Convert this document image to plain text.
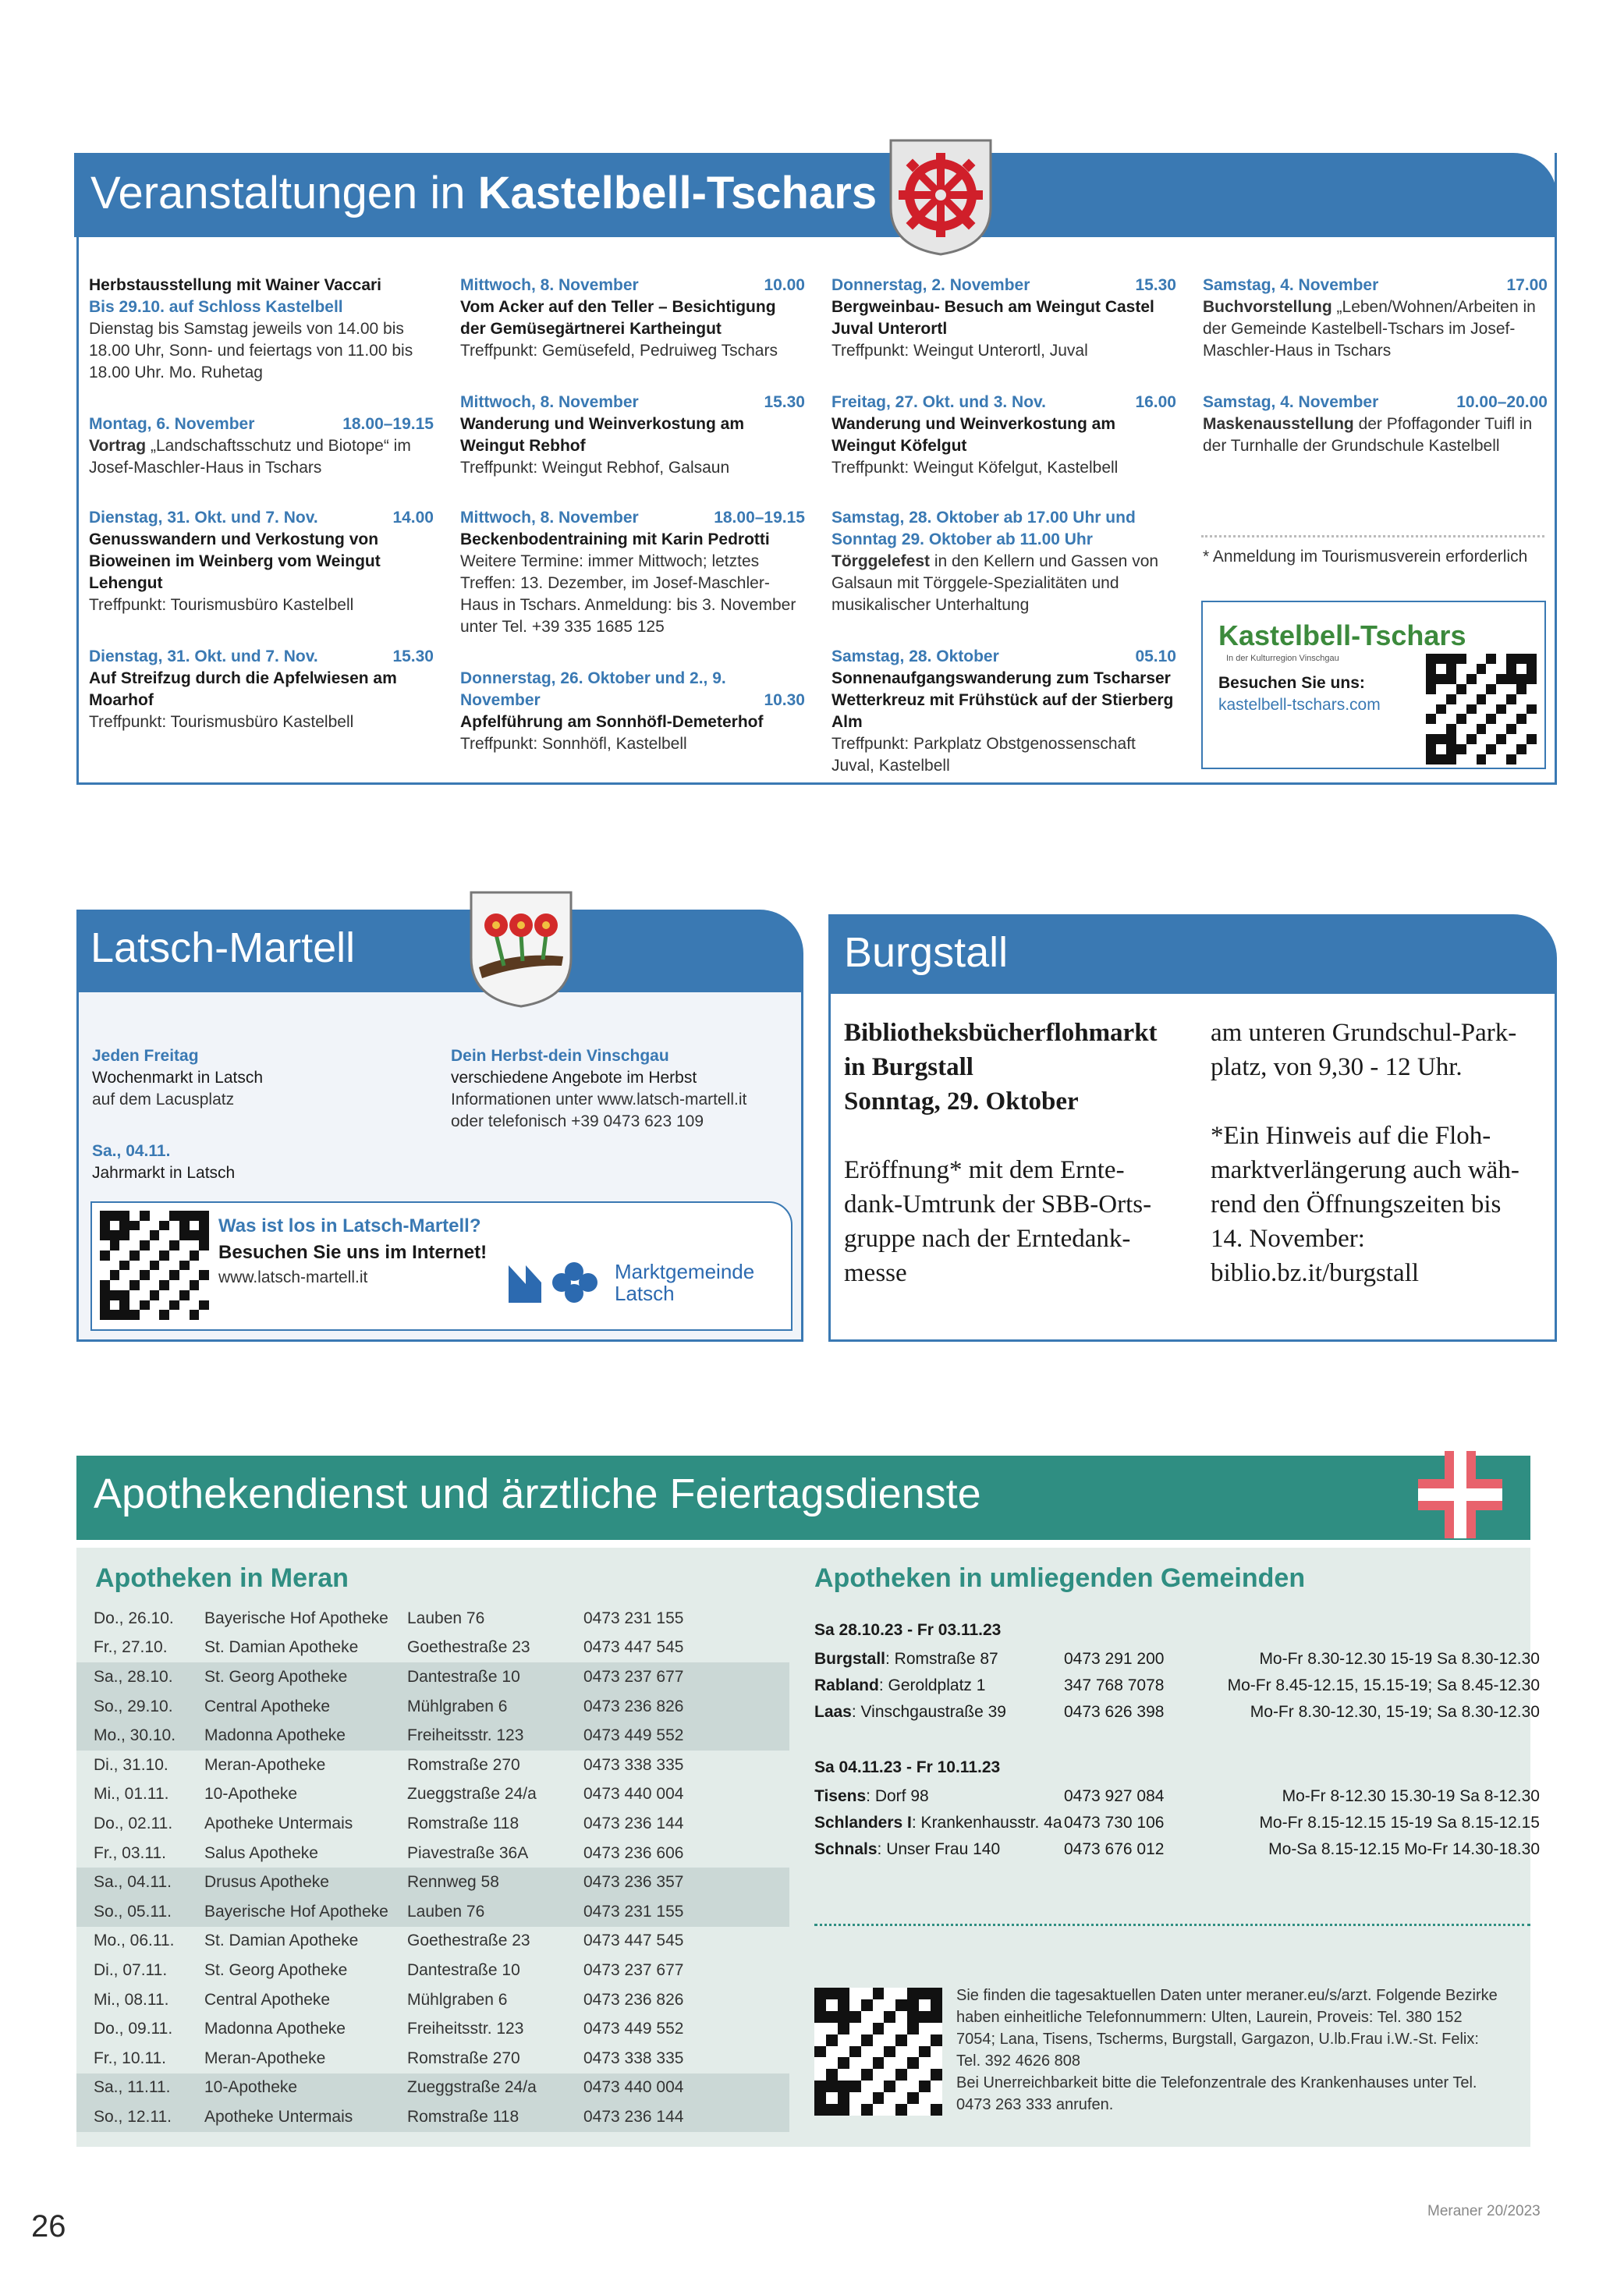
Veranstaltungen in Kastelbell-Tschars
Herbstausstellung mit Wainer Vaccari
Bis 29.10. auf Schloss Kastelbell
Dienstag bis Samstag jeweils von 14.00 bis 18.00 Uhr, Sonn- und feiertags von 11.00 bis 18.00 Uhr. Mo. Ruhetag
Montag, 6. November	18.00–19.15
Vortrag „Landschaftsschutz und Biotope“ im Josef-Maschler-Haus in Tschars
Dienstag, 31. Okt. und 7. Nov.	14.00
Genusswandern und Verkostung von Bioweinen im Weinberg vom Weingut Lehengut
Treffpunkt: Tourismusbüro Kastelbell
Dienstag, 31. Okt. und 7. Nov.	15.30
Auf Streifzug durch die Apfelwiesen am Moarhof
Treffpunkt: Tourismusbüro Kastelbell
Mittwoch, 8. November	10.00
Vom Acker auf den Teller – Besichtigung der Gemüsegärtnerei Kartheingut
Treffpunkt: Gemüsefeld, Pedruiweg Tschars
Mittwoch, 8. November	15.30
Wanderung und Weinverkostung am Weingut Rebhof
Treffpunkt: Weingut Rebhof, Galsaun
Mittwoch, 8. November	18.00–19.15
Beckenbodentraining mit Karin Pedrotti
Weitere Termine: immer Mittwoch; letztes Treffen: 13. Dezember, im Josef-Maschler-Haus in Tschars. Anmeldung: bis 3. November unter Tel. +39 335 1685 125
Donnerstag, 26. Oktober und 2., 9. November	10.30
Apfelführung am Sonnhöfl-Demeterhof
Treffpunkt: Sonnhöfl, Kastelbell
Donnerstag, 2. November	15.30
Bergweinbau- Besuch am Weingut Castel Juval Unterortl
Treffpunkt: Weingut Unterortl, Juval
Freitag, 27. Okt. und 3. Nov.	16.00
Wanderung und Weinverkostung am Weingut Köfelgut
Treffpunkt: Weingut Köfelgut, Kastelbell
Samstag, 28. Oktober ab 17.00 Uhr und Sonntag 29. Oktober ab 11.00 Uhr
Törggelefest in den Kellern und Gassen von Galsaun mit Törggele-Spezialitäten und musikalischer Unterhaltung
Samstag, 28. Oktober	05.10
Sonnenaufgangswanderung zum Tscharser Wetterkreuz mit Frühstück auf der Stierberg Alm
Treffpunkt: Parkplatz Obstgenossenschaft Juval, Kastelbell
Samstag, 4. November	17.00
Buchvorstellung „Leben/Wohnen/Arbeiten in der Gemeinde Kastelbell-Tschars im Josef-Maschler-Haus in Tschars
Samstag, 4. November	10.00–20.00
Maskenausstellung der Pfoffagonder Tuifl in der Turnhalle der Grundschule Kastelbell
* Anmeldung im Tourismusverein erforderlich
Kastelbell-Tschars
In der Kulturregion Vinschgau
Besuchen Sie uns:
kastelbell-tschars.com
Latsch-Martell
Jeden Freitag
Wochenmarkt in Latsch
auf dem Lacusplatz
Sa., 04.11.
Jahrmarkt in Latsch
Dein Herbst-dein Vinschgau
verschiedene Angebote im Herbst
Informationen unter www.latsch-martell.it
oder telefonisch +39 0473 623 109
Was ist los in Latsch-Martell?
Besuchen Sie uns im Internet!
www.latsch-martell.it	Marktgemeinde
Latsch
Burgstall
Bibliotheksbücherflohmarkt
in Burgstall
Sonntag, 29. Oktober
Eröffnung* mit dem Ernte-
dank-Umtrunk der SBB-Orts-
gruppe nach der Erntedank-
messe
am unteren Grundschul-Park-
platz, von 9,30 - 12 Uhr.
*Ein Hinweis auf die Floh-
marktverlängerung auch wäh-
rend den Öffnungszeiten bis
14. November:
biblio.bz.it/burgstall
Apothekendienst und ärztliche Feiertagsdienste
Apotheken in Meran
Do., 26.10.	Bayerische Hof Apotheke	Lauben 76	0473 231 155
Fr., 27.10.	St. Damian Apotheke	Goethestraße 23	0473 447 545
Sa., 28.10.	St. Georg Apotheke	Dantestraße 10	0473 237 677
So., 29.10.	Central Apotheke	Mühlgraben 6	0473 236 826
Mo., 30.10.	Madonna Apotheke	Freiheitsstr. 123	0473 449 552
Di., 31.10.	Meran-Apotheke	Romstraße 270	0473 338 335
Mi., 01.11.	10-Apotheke	Zueggstraße 24/a	0473 440 004
Do., 02.11.	Apotheke Untermais	Romstraße 118	0473 236 144
Fr., 03.11.	Salus Apotheke	Piavestraße 36A	0473 236 606
Sa., 04.11.	Drusus Apotheke	Rennweg 58	0473 236 357
So., 05.11.	Bayerische Hof Apotheke	Lauben 76	0473 231 155
Mo., 06.11.	St. Damian Apotheke	Goethestraße 23	0473 447 545
Di., 07.11.	St. Georg Apotheke	Dantestraße 10	0473 237 677
Mi., 08.11.	Central Apotheke	Mühlgraben 6	0473 236 826
Do., 09.11.	Madonna Apotheke	Freiheitsstr. 123	0473 449 552
Fr., 10.11.	Meran-Apotheke	Romstraße 270	0473 338 335
Sa., 11.11.	10-Apotheke	Zueggstraße 24/a	0473 440 004
So., 12.11.	Apotheke Untermais	Romstraße 118	0473 236 144
Apotheken in umliegenden Gemeinden
Sa 28.10.23 - Fr 03.11.23
Burgstall: Romstraße 87	0473 291 200	Mo-Fr 8.30-12.30 15-19 Sa 8.30-12.30
Rabland: Geroldplatz 1	347 768 7078	Mo-Fr 8.45-12.15, 15.15-19; Sa 8.45-12.30
Laas: Vinschgaustraße 39	0473 626 398	Mo-Fr 8.30-12.30, 15-19; Sa 8.30-12.30
Sa 04.11.23 - Fr 10.11.23
Tisens: Dorf 98	0473 927 084	Mo-Fr 8-12.30 15.30-19 Sa 8-12.30
Schlanders I: Krankenhausstr. 4a 0473 730 106	Mo-Fr 8.15-12.15 15-19 Sa 8.15-12.15
Schnals: Unser Frau 140	0473 676 012	Mo-Sa 8.15-12.15 Mo-Fr 14.30-18.30
Sie finden die tagesaktuellen Daten unter meraner.eu/s/arzt. Folgende Bezirke haben einheitliche Telefonnummern: Ulten, Laurein, Proveis: Tel. 380 152 7054; Lana, Tisens, Tscherms, Burgstall, Gargazon, U.lb.Frau i.W.-St. Felix: Tel. 392 4626 808
Bei Unerreichbarkeit bitte die Telefonzentrale des Krankenhauses unter Tel. 0473 263 333 anrufen.
26	Meraner 20/2023
